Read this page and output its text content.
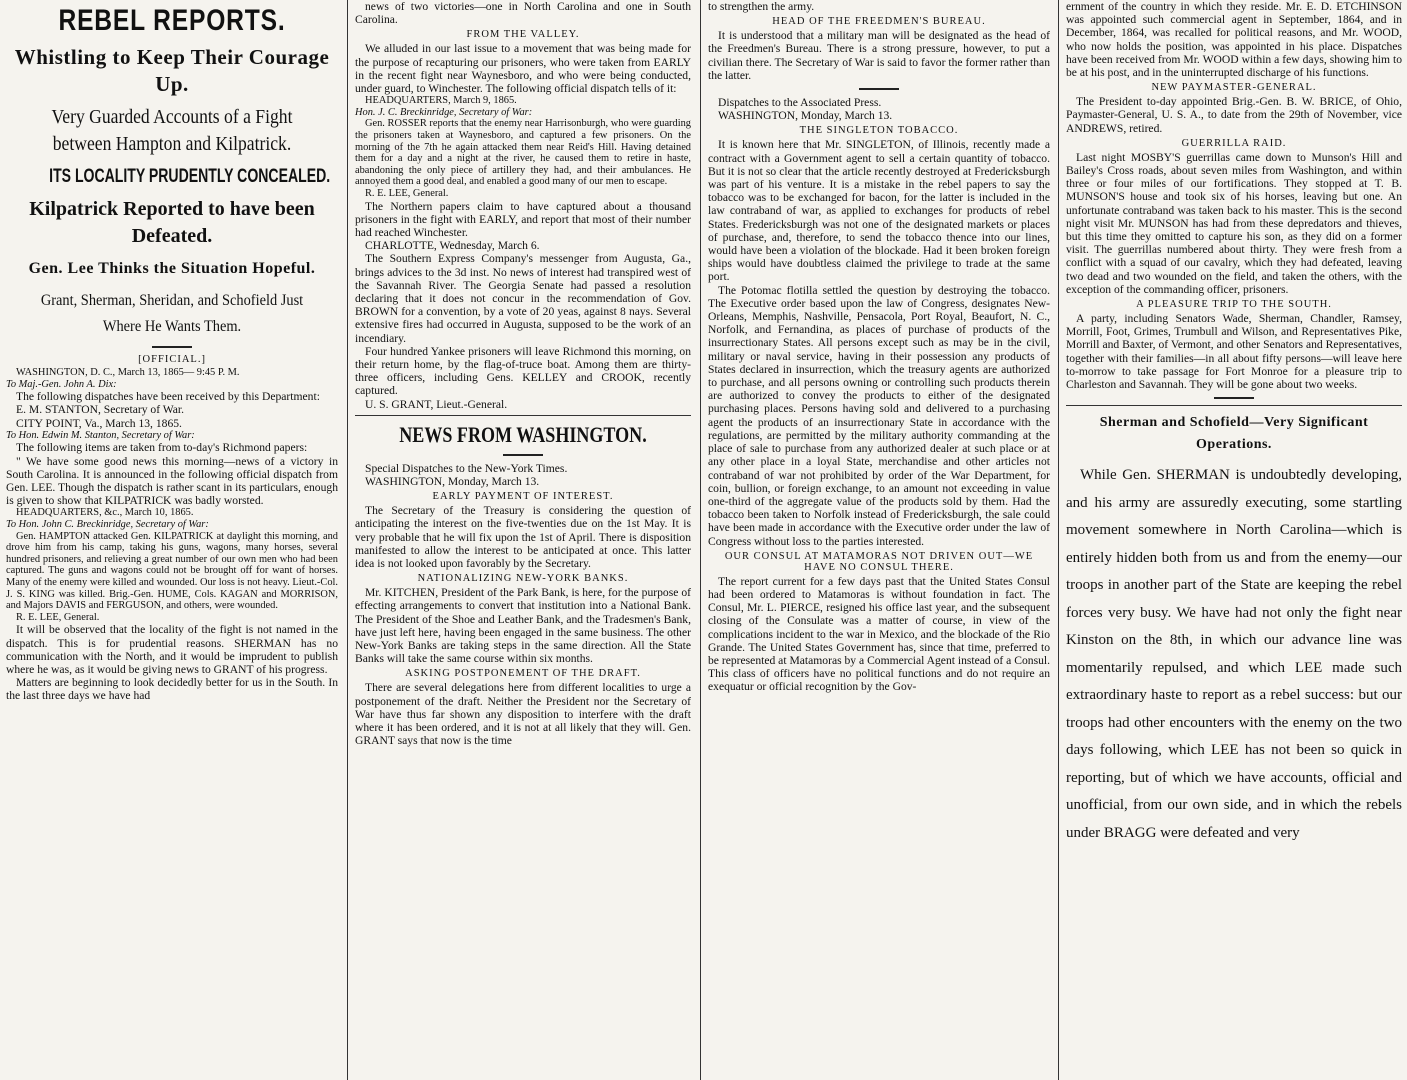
REBEL REPORTS.
Whistling to Keep Their Courage Up.
Very Guarded Accounts of a Fight between Hampton and Kilpatrick.
ITS LOCALITY PRUDENTLY CONCEALED.
Kilpatrick Reported to have been Defeated.
Gen. Lee Thinks the Situation Hopeful.
Grant, Sherman, Sheridan, and Schofield Just Where He Wants Them.
[OFFICIAL.]

WASHINGTON, D. C., March 13, 1865— 9:45 P. M.

To Maj.-Gen. John A. Dix:

The following dispatches have been received by this Department:

E. M. STANTON, Secretary of War.

CITY POINT, Va., March 13, 1865.

To Hon. Edwin M. Stanton, Secretary of War:

The following items are taken from to-day's Richmond papers:

" We have some good news this morning—news of a victory in South Carolina. It is announced in the following official dispatch from Gen. LEE. Though the dispatch is rather scant in its particulars, enough is given to show that KILPATRICK was badly worsted.

HEADQUARTERS, &c., March 10, 1865.

To Hon. John C. Breckinridge, Secretary of War:

Gen. HAMPTON attacked Gen. KILPATRICK at daylight this morning, and drove him from his camp, taking his guns, wagons, many horses, several hundred prisoners, and relieving a great number of our own men who had been captured. The guns and wagons could not be brought off for want of horses. Many of the enemy were killed and wounded. Our loss is not heavy. Lieut.-Col. J. S. KING was killed. Brig.-Gen. HUME, Cols. KAGAN and MORRISON, and Majors DAVIS and FERGUSON, and others, were wounded.

R. E. LEE, General.

It will be observed that the locality of the fight is not named in the dispatch. This is for prudential reasons. SHERMAN has no communication with the North, and it would be imprudent to publish where he was, as it would be giving news to GRANT of his progress.

Matters are beginning to look decidedly better for us in the South. In the last three days we have had

news of two victories—one in North Carolina and one in South Carolina.

FROM THE VALLEY.

We alluded in our last issue to a movement that was being made for the purpose of recapturing our prisoners, who were taken from EARLY in the recent fight near Waynesboro, and who were being conducted, under guard, to Winchester. The following official dispatch tells of it:

HEADQUARTERS, March 9, 1865.

Hon. J. C. Breckinridge, Secretary of War:

Gen. ROSSER reports that the enemy near Harrisonburgh, who were guarding the prisoners taken at Waynesboro, and captured a few prisoners. On the morning of the 7th he again attacked them near Reid's Hill. Having detained them for a day and a night at the river, he caused them to retire in haste, abandoning the only piece of artillery they had, and their ambulances. He annoyed them a good deal, and enabled a good many of our men to escape.

R. E. LEE, General.

The Northern papers claim to have captured about a thousand prisoners in the fight with EARLY, and report that most of their number had reached Winchester.

CHARLOTTE, Wednesday, March 6.

The Southern Express Company's messenger from Augusta, Ga., brings advices to the 3d inst. No news of interest had transpired west of the Savannah River. The Georgia Senate had passed a resolution declaring that it does not concur in the recommendation of Gov. BROWN for a convention, by a vote of 20 yeas, against 8 nays. Several extensive fires had occurred in Augusta, supposed to be the work of an incendiary.

Four hundred Yankee prisoners will leave Richmond this morning, on their return home, by the flag-of-truce boat. Among them are thirty-three officers, including Gens. KELLEY and CROOK, recently captured.

U. S. GRANT, Lieut.-General.

NEWS FROM WASHINGTON.

Special Dispatches to the New-York Times.

WASHINGTON, Monday, March 13.

EARLY PAYMENT OF INTEREST.

The Secretary of the Treasury is considering the question of anticipating the interest on the five-twenties due on the 1st May. It is very probable that he will fix upon the 1st of April. There is disposition manifested to allow the interest to be anticipated at once. This latter idea is not looked upon favorably by the Secretary.

NATIONALIZING NEW-YORK BANKS.

Mr. KITCHEN, President of the Park Bank, is here, for the purpose of effecting arrangements to convert that institution into a National Bank. The President of the Shoe and Leather Bank, and the Tradesmen's Bank, have just left here, having been engaged in the same business. The other New-York Banks are taking steps in the same direction. All the State Banks will take the same course within six months.

ASKING POSTPONEMENT OF THE DRAFT.

There are several delegations here from different localities to urge a postponement of the draft. Neither the President nor the Secretary of War have thus far shown any disposition to interfere with the draft where it has been ordered, and it is not at all likely that they will. Gen. GRANT says that now is the time

to strengthen the army.

HEAD OF THE FREEDMEN'S BUREAU.

It is understood that a military man will be designated as the head of the Freedmen's Bureau. There is a strong pressure, however, to put a civilian there. The Secretary of War is said to favor the former rather than the latter.

Dispatches to the Associated Press.

WASHINGTON, Monday, March 13.

THE SINGLETON TOBACCO.

It is known here that Mr. SINGLETON, of Illinois, recently made a contract with a Government agent to sell a certain quantity of tobacco. But it is not so clear that the article recently destroyed at Fredericksburgh was part of his venture. It is a mistake in the rebel papers to say the tobacco was to be exchanged for bacon, for the latter is included in the law contraband of war, as applied to exchanges for products of rebel States. Fredericksburgh was not one of the designated markets or places of purchase, and, therefore, to send the tobacco thence into our lines, would have been a violation of the blockade. Had it been broken foreign ships would have doubtless claimed the privilege to trade at the same port.

The Potomac flotilla settled the question by destroying the tobacco. The Executive order based upon the law of Congress, designates New-Orleans, Memphis, Nashville, Pensacola, Port Royal, Beaufort, N. C., Norfolk, and Fernandina, as places of purchase of products of the insurrectionary States. All persons except such as may be in the civil, military or naval service, having in their possession any products of States declared in insurrection, which the treasury agents are authorized to purchase, and all persons owning or controlling such products therein are authorized to convey the products to either of the designated purchasing places. Persons having sold and delivered to a purchasing agent the products of an insurrectionary State in accordance with the regulations, are permitted by the military authority commanding at the place of sale to purchase from any authorized dealer at such place or at any other place in a loyal State, merchandise and other articles not contraband of war not prohibited by order of the War Department, for coin, bullion, or foreign exchange, to an amount not exceeding in value one-third of the aggregate value of the products sold by them. Had the tobacco been taken to Norfolk instead of Fredericksburgh, the sale could have been made in accordance with the Executive order under the law of Congress without loss to the parties interested.

OUR CONSUL AT MATAMORAS NOT DRIVEN OUT—WE HAVE NO CONSUL THERE.

The report current for a few days past that the United States Consul had been ordered to Matamoras is without foundation in fact. The Consul, Mr. L. PIERCE, resigned his office last year, and the subsequent closing of the Consulate was a matter of course, in view of the complications incident to the war in Mexico, and the blockade of the Rio Grande. The United States Government has, since that time, preferred to be represented at Matamoras by a Commercial Agent instead of a Consul. This class of officers have no political functions and do not require an exequatur or official recognition by the Gov-

ernment of the country in which they reside. Mr. E. D. ETCHINSON was appointed such commercial agent in September, 1864, and in December, 1864, was recalled for political reasons, and Mr. WOOD, who now holds the position, was appointed in his place. Dispatches have been received from Mr. WOOD within a few days, showing him to be at his post, and in the uninterrupted discharge of his functions.

NEW PAYMASTER-GENERAL.

The President to-day appointed Brig.-Gen. B. W. BRICE, of Ohio, Paymaster-General, U. S. A., to date from the 29th of November, vice ANDREWS, retired.

GUERRILLA RAID.

Last night MOSBY'S guerrillas came down to Munson's Hill and Bailey's Cross roads, about seven miles from Washington, and within three or four miles of our fortifications. They stopped at T. B. MUNSON'S house and took six of his horses, leaving but one. An unfortunate contraband was taken back to his master. This is the second night visit Mr. MUNSON has had from these depredators and thieves, but this time they omitted to capture his son, as they did on a former visit. The guerrillas numbered about thirty. They were fresh from a conflict with a squad of our cavalry, which they had defeated, leaving two dead and two wounded on the field, and taken the others, with the exception of the commanding officer, prisoners.

A PLEASURE TRIP TO THE SOUTH.

A party, including Senators Wade, Sherman, Chandler, Ramsey, Morrill, Foot, Grimes, Trumbull and Wilson, and Representatives Pike, Morrill and Baxter, of Vermont, and other Senators and Representatives, together with their families—in all about fifty persons—will leave here to-morrow to take passage for Fort Monroe for a pleasure trip to Charleston and Savannah. They will be gone about two weeks.

Sherman and Schofield—Very Significant Operations.

While Gen. SHERMAN is undoubtedly developing, and his army are assuredly executing, some startling movement somewhere in North Carolina—which is entirely hidden both from us and from the enemy—our troops in another part of the State are keeping the rebel forces very busy. We have had not only the fight near Kinston on the 8th, in which our advance line was momentarily repulsed, and which LEE made such extraordinary haste to report as a rebel success: but our troops had other encounters with the enemy on the two days following, which LEE has not been so quick in reporting, but of which we have accounts, official and unofficial, from our own side, and in which the rebels under BRAGG were defeated and very
